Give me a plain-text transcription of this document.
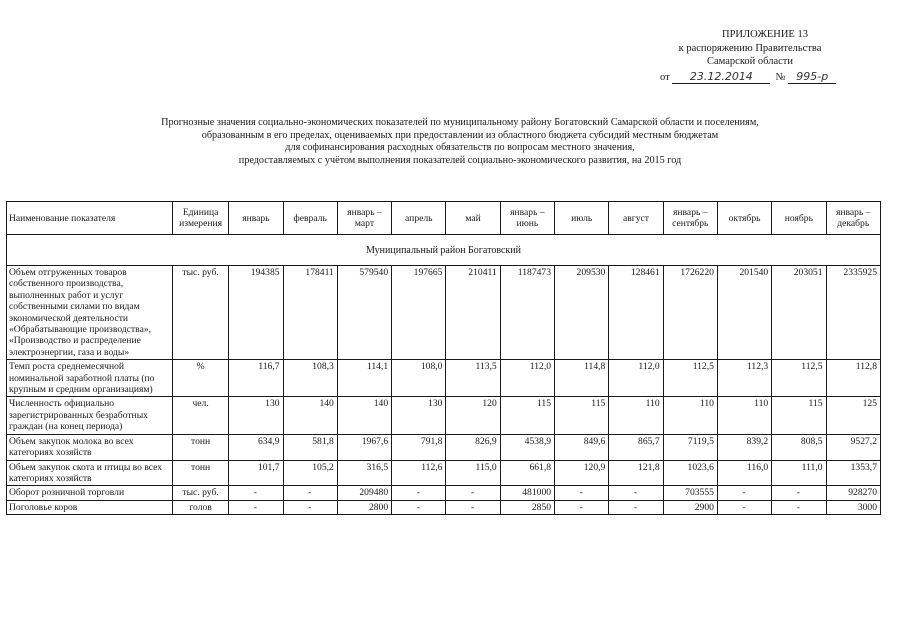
ПРИЛОЖЕНИЕ 13
к распоряжению Правительства
Самарской области
от 23.12.2014 № 995-р
Прогнозные значения социально-экономических показателей по муниципальному району Богатовский Самарской области и поселениям,
образованным в его пределах, оцениваемых при предоставлении из областного бюджета субсидий местным бюджетам
для софинансирования расходных обязательств по вопросам местного значения,
предоставляемых с учётом выполнения показателей социально-экономического развития, на 2015 год
Наименование показателя	Единица измерения	январь	февраль	январь – март	апрель	май	январь – июнь	июль	август	январь – сентябрь	октябрь	ноябрь	январь – декабрь
Муниципальный район Богатовский													
Объем отгруженных товаров собственного производства, выполненных работ и услуг собственными силами по видам экономической деятельности «Обрабатывающие производства», «Производство и распределение электроэнергии, газа и воды»	тыс. руб.	194385	178411	579540	197665	210411	1187473	209530	128461	1726220	201540	203051	2335925
Темп роста среднемесячной номинальной заработной платы (по крупным и средним организациям)	%	116,7	108,3	114,1	108,0	113,5	112,0	114,8	112,0	112,5	112,3	112,5	112,8
Численность официально зарегистрированных безработных граждан (на конец периода)	чел.	130	140	140	130	120	115	115	110	110	110	115	125
Объем закупок молока во всех категориях хозяйств	тонн	634,9	581,8	1967,6	791,8	826,9	4538,9	849,6	865,7	7119,5	839,2	808,5	9527,2
Объем закупок скота и птицы во всех категориях хозяйств	тонн	101,7	105,2	316,5	112,6	115,0	661,8	120,9	121,8	1023,6	116,0	111,0	1353,7
Оборот розничной торговли	тыс. руб.	-	-	209480	-	-	481000	-	-	703555	-	-	928270
Поголовье коров	голов	-	-	2800	-	-	2850	-	-	2900	-	-	3000
